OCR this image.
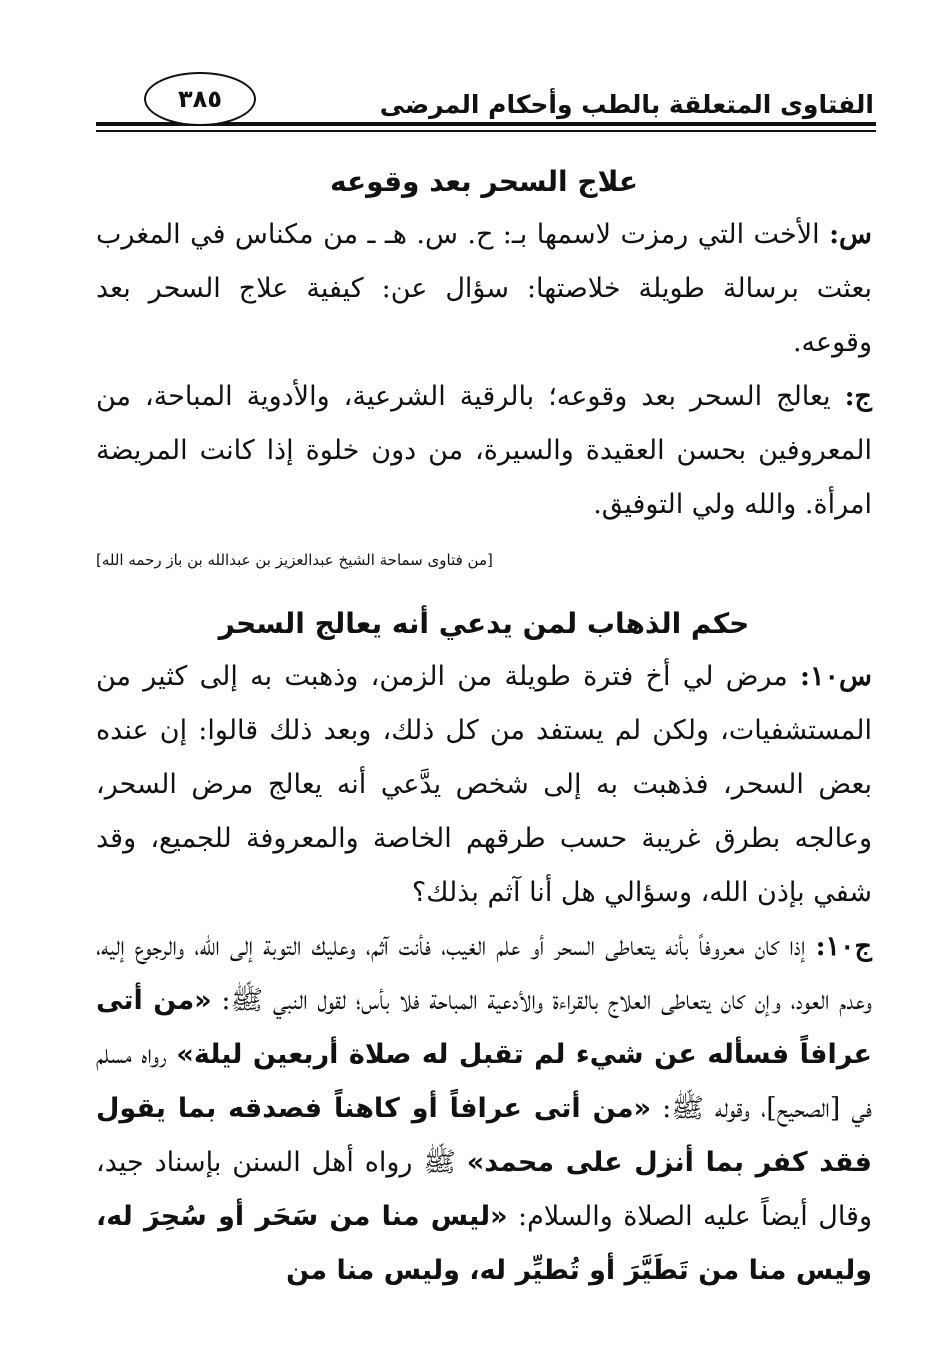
٣٨٥	الفتاوى المتعلقة بالطب وأحكام المرضى
علاج السحر بعد وقوعه

س: الأخت التي رمزت لاسمها بـ: ح. س. هـ ـ من مكناس في المغرب بعثت برسالة طويلة خلاصتها: سؤال عن: كيفية علاج السحر بعد وقوعه.

ج: يعالج السحر بعد وقوعه؛ بالرقية الشرعية، والأدوية المباحة، من المعروفين بحسن العقيدة والسيرة، من دون خلوة إذا كانت المريضة امرأة. والله ولي التوفيق.

[من فتاوى سماحة الشيخ عبدالعزيز بن عبدالله بن باز رحمه الله]
حكم الذهاب لمن يدعي أنه يعالج السحر

س١٠: مرض لي أخ فترة طويلة من الزمن، وذهبت به إلى كثير من المستشفيات، ولكن لم يستفد من كل ذلك، وبعد ذلك قالوا: إن عنده بعض السحر، فذهبت به إلى شخص يدَّعي أنه يعالج مرض السحر، وعالجه بطرق غريبة حسب طرقهم الخاصة والمعروفة للجميع، وقد شفي بإذن الله، وسؤالي هل أنا آثم بذلك؟

ج١٠: إذا كان معروفاً بأنه يتعاطى السحر أو علم الغيب، فأنت آثم، وعليك التوبة إلى الله، والرجوع إليه، وعدم العود، وإن كان يتعاطى العلاج بالقراءة والأدعية المباحة فلا بأس؛ لقول النبي ﷺ: «من أتى عرافاً فسأله عن شيء لم تقبل له صلاة أربعين ليلة» رواه مسلم في [الصحيح]، وقوله ﷺ: «من أتى عرافاً أو كاهناً فصدقه بما يقول فقد كفر بما أنزل على محمد» ﷺ رواه أهل السنن بإسناد جيد، وقال أيضاً عليه الصلاة والسلام: «ليس منا من سَحَر أو سُحِرَ له، وليس منا من تَطَيَّرَ أو تُطيِّر له، وليس منا من
